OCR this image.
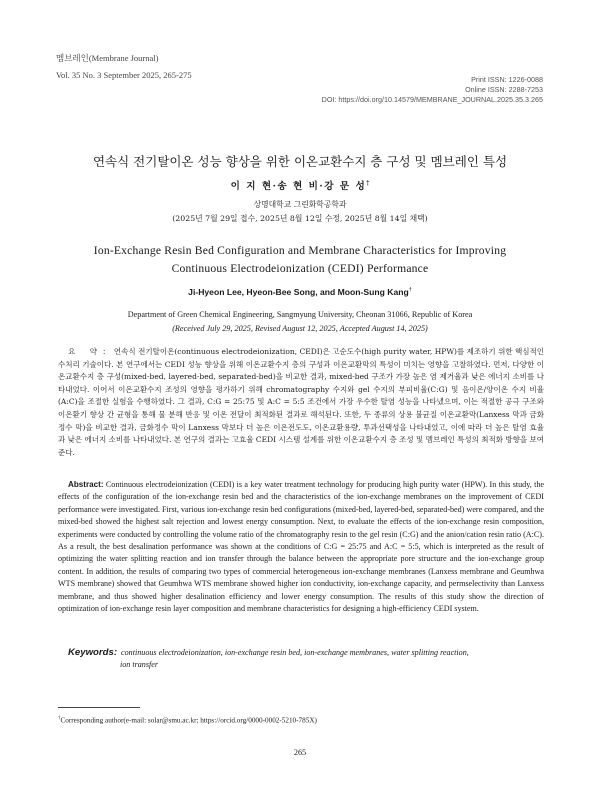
멤브레인(Membrane Journal)
Vol. 35 No. 3 September 2025, 265-275	Print ISSN: 1226-0088
Online ISSN: 2288-7253
DOI: https://doi.org/10.14579/MEMBRANE_JOURNAL.2025.35.3.265
연속식 전기탈이온 성능 향상을 위한 이온교환수지 층 구성 및 멤브레인 특성
이 지 현·송 현 비·강 문 성†
상명대학교 그린화학공학과
(2025년 7월 29일 접수, 2025년 8월 12일 수정, 2025년 8월 14일 채택)
Ion-Exchange Resin Bed Configuration and Membrane Characteristics for Improving Continuous Electrodeionization (CEDI) Performance
Ji-Hyeon Lee, Hyeon-Bee Song, and Moon-Sung Kang†
Department of Green Chemical Engineering, Sangmyung University, Cheonan 31066, Republic of Korea
(Received July 29, 2025, Revised August 12, 2025, Accepted August 14, 2025)
요 약: 연속식 전기탈이온(continuous electrodeionization, CEDI)은 고순도수(high purity water, HPW)를 제조하기 위한 핵심적인 수처리 기술이다. 본 연구에서는 CEDI 성능 향상을 위해 이온교환수지 층의 구성과 이온교환막의 특성이 미치는 영향을 고찰하였다. 먼저, 다양한 이온교환수지 층 구성(mixed-bed, layered-bed, separated-bed)을 비교한 결과, mixed-bed 구조가 가장 높은 염 제거율과 낮은 에너지 소비를 나타내었다. 이어서 이온교환수지 조성의 영향을 평가하기 위해 chromatography 수지와 gel 수지의 부피비율(C:G) 및 음이온/양이온 수지 비율(A:C)을 조절한 실험을 수행하였다. 그 결과, C:G = 25:75 및 A:C = 5:5 조건에서 가장 우수한 탈염 성능을 나타냈으며, 이는 적절한 공극 구조와 이온환기 향상 간 균형을 통해 물 분해 반응 및 이온 전달이 최적화된 결과로 해석된다. 또한, 두 종류의 상용 불균질 이온교환막(Lanxess 막과 금화정수 막)을 비교한 결과, 금화정수 막이 Lanxess 막보다 더 높은 이온전도도, 이온교환용량, 투과선택성을 나타내었고, 이에 따라 더 높은 탈염 효율과 낮은 에너지 소비를 나타내었다. 본 연구의 결과는 고효율 CEDI 시스템 설계를 위한 이온교환수지 층 조성 및 멤브레인 특성의 최적화 방향을 보여준다.
Abstract: Continuous electrodeionization (CEDI) is a key water treatment technology for producing high purity water (HPW). In this study, the effects of the configuration of the ion-exchange resin bed and the characteristics of the ion-exchange membranes on the improvement of CEDI performance were investigated. First, various ion-exchange resin bed configurations (mixed-bed, layered-bed, separated-bed) were compared, and the mixed-bed showed the highest salt rejection and lowest energy consumption. Next, to evaluate the effects of the ion-exchange resin composition, experiments were conducted by controlling the volume ratio of the chromatography resin to the gel resin (C:G) and the anion/cation resin ratio (A:C). As a result, the best desalination performance was shown at the conditions of C:G = 25:75 and A:C = 5:5, which is interpreted as the result of optimizing the water splitting reaction and ion transfer through the balance between the appropriate pore structure and the ion-exchange group content. In addition, the results of comparing two types of commercial heterogeneous ion-exchange membranes (Lanxess membrane and Geumhwa WTS membrane) showed that Geumhwa WTS membrane showed higher ion conductivity, ion-exchange capacity, and permselectivity than Lanxess membrane, and thus showed higher desalination efficiency and lower energy consumption. The results of this study show the direction of optimization of ion-exchange resin layer composition and membrane characteristics for designing a high-efficiency CEDI system.
Keywords: continuous electrodeionization, ion-exchange resin bed, ion-exchange membranes, water splitting reaction,
ion transfer
†Corresponding author(e-mail: solar@smu.ac.kr; https://orcid.org/0000-0002-5210-785X)
265
